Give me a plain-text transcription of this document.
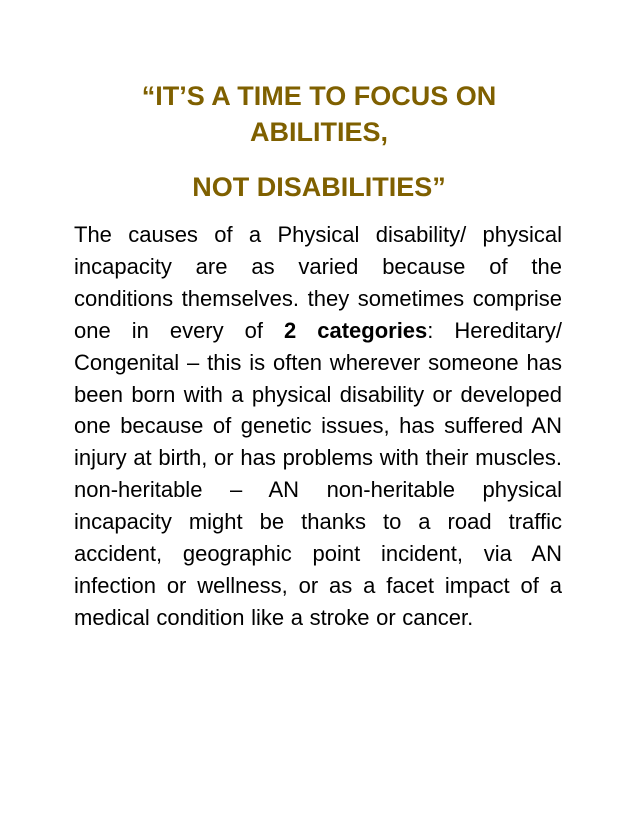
“IT’S A TIME TO FOCUS ON
ABILITIES,
NOT DISABILITIES”

The causes of a Physical disability/ physical incapacity are as varied because of the conditions themselves. they sometimes comprise one in every of 2 categories: Hereditary/ Congenital – this is often wherever someone has been born with a physical disability or developed one because of genetic issues, has suffered AN injury at birth, or has problems with their muscles. non-heritable – AN non-heritable physical incapacity might be thanks to a road traffic accident, geographic point incident, via AN infection or wellness, or as a facet impact of a medical condition like a stroke or cancer.
